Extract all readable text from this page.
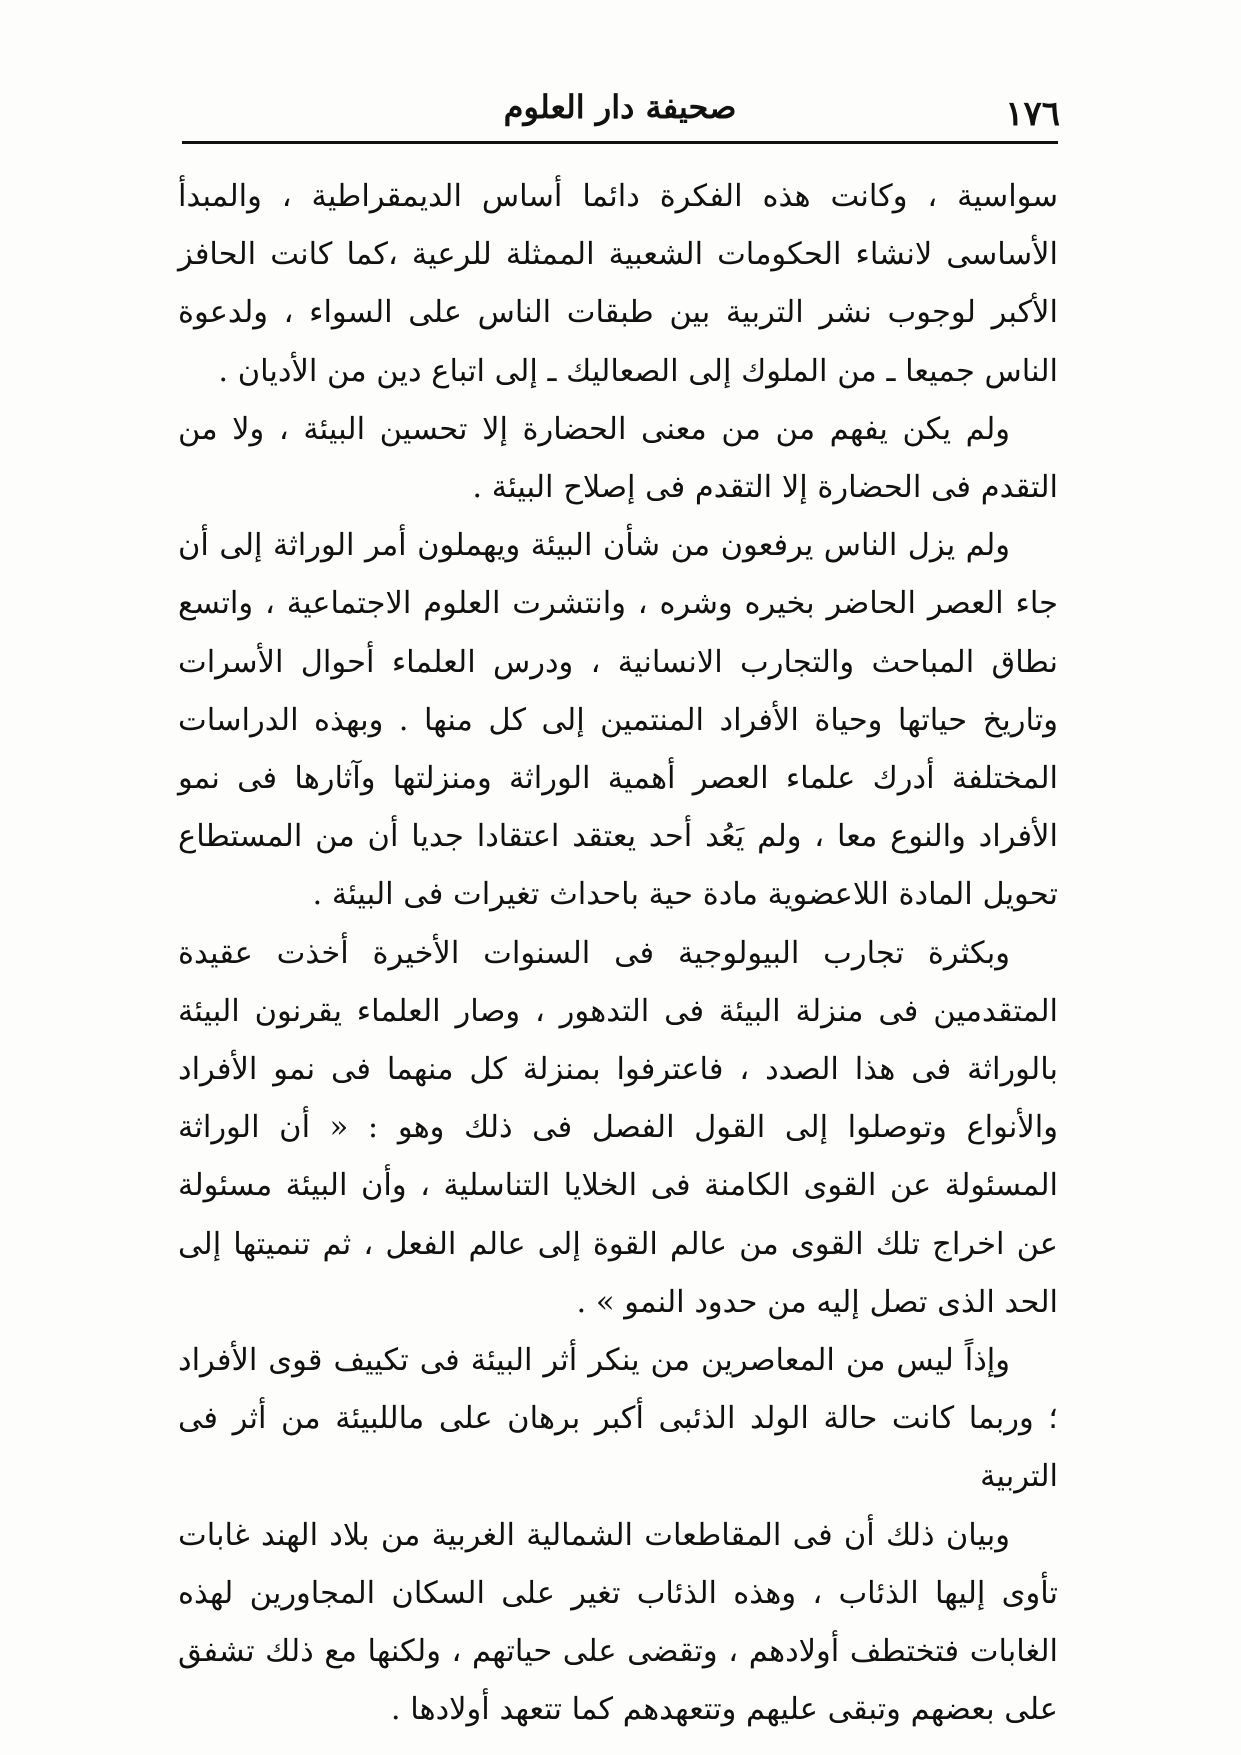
١٧٦
صحيفة دار العلوم

سواسية ، وكانت هذه الفكرة دائما أساس الديمقراطية ، والمبدأ الأساسى لانشاء الحكومات الشعبية الممثلة للرعية ،كما كانت الحافز الأكبر لوجوب نشر التربية بين طبقات الناس على السواء ، ولدعوة الناس جميعا ـ من الملوك إلى الصعاليك ـ إلى اتباع دين من الأديان .

ولم يكن يفهم من من معنى الحضارة إلا تحسين البيئة ، ولا من التقدم فى الحضارة إلا التقدم فى إصلاح البيئة .

ولم يزل الناس يرفعون من شأن البيئة ويهملون أمر الوراثة إلى أن جاء العصر الحاضر بخيره وشره ، وانتشرت العلوم الاجتماعية ، واتسع نطاق المباحث والتجارب الانسانية ، ودرس العلماء أحوال الأسرات وتاريخ حياتها وحياة الأفراد المنتمين إلى كل منها . وبهذه الدراسات المختلفة أدرك علماء العصر أهمية الوراثة ومنزلتها وآثارها فى نمو الأفراد والنوع معا ، ولم يَعُد أحد يعتقد اعتقادا جديا أن من المستطاع تحويل المادة اللاعضوية مادة حية باحداث تغيرات فى البيئة .

وبكثرة تجارب البيولوجية فى السنوات الأخيرة أخذت عقيدة المتقدمين فى منزلة البيئة فى التدهور ، وصار العلماء يقرنون البيئة بالوراثة فى هذا الصدد ، فاعترفوا بمنزلة كل منهما فى نمو الأفراد والأنواع وتوصلوا إلى القول الفصل فى ذلك وهو : « أن الوراثة المسئولة عن القوى الكامنة فى الخلايا التناسلية ، وأن البيئة مسئولة عن اخراج تلك القوى من عالم القوة إلى عالم الفعل ، ثم تنميتها إلى الحد الذى تصل إليه من حدود النمو » .

وإذاً ليس من المعاصرين من ينكر أثر البيئة فى تكييف قوى الأفراد ؛ وربما كانت حالة الولد الذئبى أكبر برهان على ماللبيئة من أثر فى التربية

وبيان ذلك أن فى المقاطعات الشمالية الغربية من بلاد الهند غابات تأوى إليها الذئاب ، وهذه الذئاب تغير على السكان المجاورين لهذه الغابات فتختطف أولادهم ، وتقضى على حياتهم ، ولكنها مع ذلك تشفق على بعضهم وتبقى عليهم وتتعهدهم كما تتعهد أولادها .
